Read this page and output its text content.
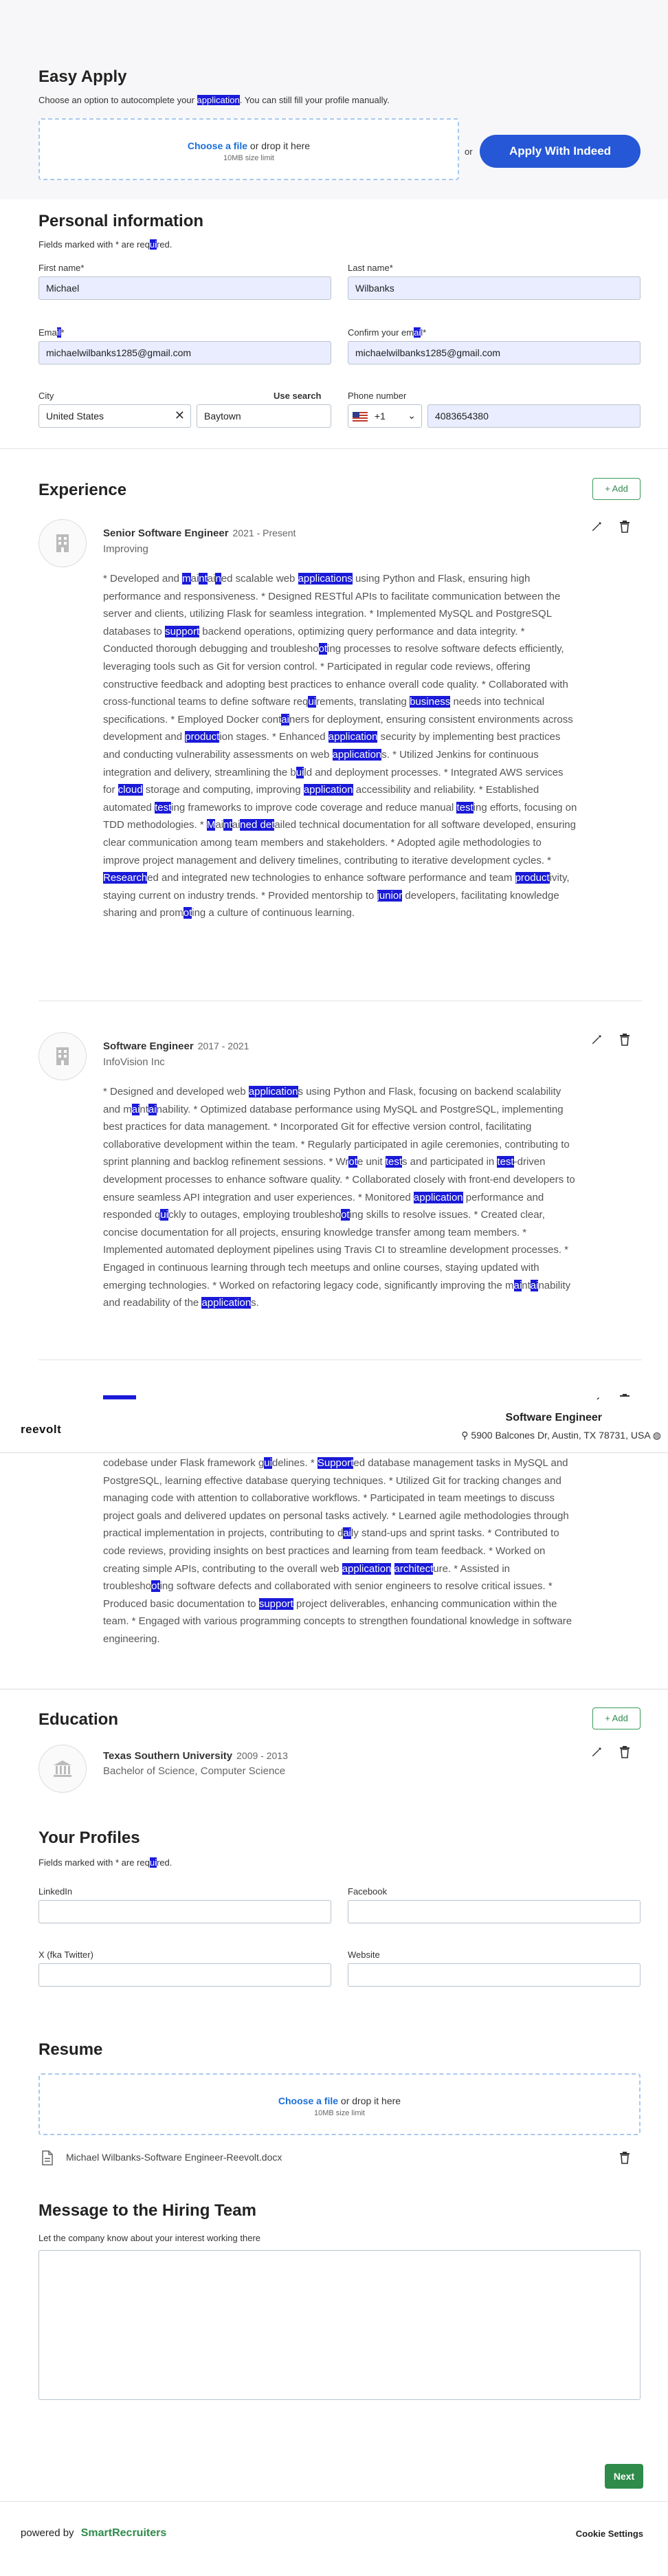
Easy Apply
Choose an option to autocomplete your application. You can still fill your profile manually.
Choose a file or drop it here
10MB size limit
or	Apply With Indeed
Personal information
Fields marked with * are required.
First name*
Michael
Last name*
Wilbanks
Email*
michaelwilbanks1285@gmail.com
Confirm your email*
michaelwilbanks1285@gmail.com
City	Use search
United States	✕	Baytown
Phone number
+1 ⌄	4083654380
Experience	+ Add
Senior Software Engineer 2021 - Present
Improving
* Developed and maintained scalable web applications using Python and Flask, ensuring high performance and responsiveness. * Designed RESTful APIs to facilitate communication between the server and clients, utilizing Flask for seamless integration. * Implemented MySQL and PostgreSQL databases to support backend operations, optimizing query performance and data integrity. * Conducted thorough debugging and troubleshooting processes to resolve software defects efficiently, leveraging tools such as Git for version control. * Participated in regular code reviews, offering constructive feedback and adopting best practices to enhance overall code quality. * Collaborated with cross-functional teams to define software requirements, translating business needs into technical specifications. * Employed Docker containers for deployment, ensuring consistent environments across development and production stages. * Enhanced application security by implementing best practices and conducting vulnerability assessments on web applications. * Utilized Jenkins for continuous integration and delivery, streamlining the build and deployment processes. * Integrated AWS services for cloud storage and computing, improving application accessibility and reliability. * Established automated testing frameworks to improve code coverage and reduce manual testing efforts, focusing on TDD methodologies. * Maintained detailed technical documentation for all software developed, ensuring clear communication among team members and stakeholders. * Adopted agile methodologies to improve project management and delivery timelines, contributing to iterative development cycles. * Researched and integrated new technologies to enhance software performance and team productivity, staying current on industry trends. * Provided mentorship to junior developers, facilitating knowledge sharing and promoting a culture of continuous learning.
Software Engineer 2017 - 2021
InfoVision Inc
* Designed and developed web applications using Python and Flask, focusing on backend scalability and maintainability. * Optimized database performance using MySQL and PostgreSQL, implementing best practices for data management. * Incorporated Git for effective version control, facilitating collaborative development within the team. * Regularly participated in agile ceremonies, contributing to sprint planning and backlog refinement sessions. * Wrote unit tests and participated in test-driven development processes to enhance software quality. * Collaborated closely with front-end developers to ensure seamless API integration and user experiences. * Monitored application performance and responded quickly to outages, employing troubleshooting skills to resolve issues. * Created clear, concise documentation for all projects, ensuring knowledge transfer among team members. * Implemented automated deployment pipelines using Travis CI to streamline development processes. * Engaged in continuous learning through tech meetups and online courses, staying updated with emerging technologies. * Worked on refactoring legacy code, significantly improving the maintainability and readability of the applications.
reevolt
Software Engineer
⚲ 5900 Balcones Dr, Austin, TX 78731, USA ◍
codebase under Flask framework guidelines. * Supported database management tasks in MySQL and PostgreSQL, learning effective database querying techniques. * Utilized Git for tracking changes and managing code with attention to collaborative workflows. * Participated in team meetings to discuss project goals and delivered updates on personal tasks actively. * Learned agile methodologies through practical implementation in projects, contributing to daily stand-ups and sprint tasks. * Contributed to code reviews, providing insights on best practices and learning from team feedback. * Worked on creating simple APIs, contributing to the overall web application architecture. * Assisted in troubleshooting software defects and collaborated with senior engineers to resolve critical issues. * Produced basic documentation to support project deliverables, enhancing communication within the team. * Engaged with various programming concepts to strengthen foundational knowledge in software engineering.
Education	+ Add
Texas Southern University 2009 - 2013
Bachelor of Science, Computer Science
Your Profiles
Fields marked with * are required.
LinkedIn	Facebook
X (fka Twitter)	Website
Resume
Choose a file or drop it here
10MB size limit
Michael Wilbanks-Software Engineer-Reevolt.docx
Message to the Hiring Team
Let the company know about your interest working there
Next
powered by SmartRecruiters	Cookie Settings
